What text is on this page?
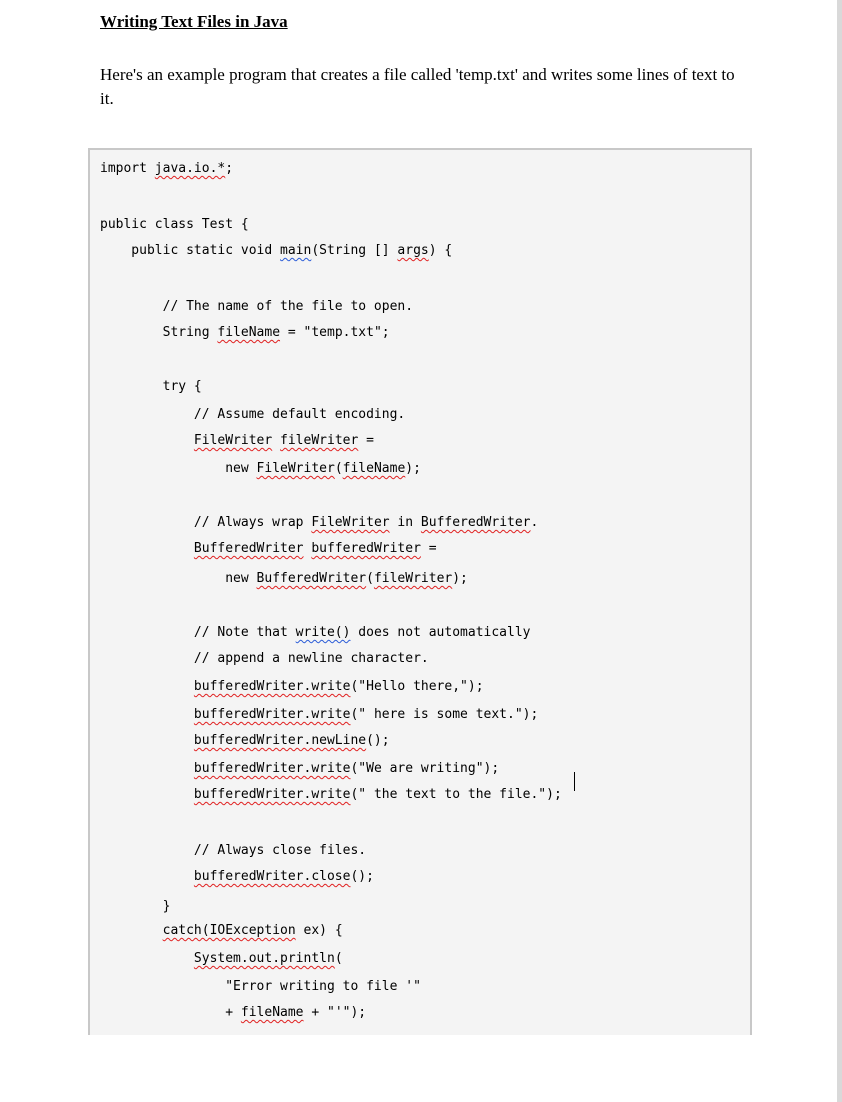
Writing Text Files in Java

Here's an example program that creates a file called 'temp.txt' and writes some lines of text to it.

import java.io.*;
public class Test {
public static void main(String [] args) {
// The name of the file to open.
String fileName = "temp.txt";
try {
// Assume default encoding.
FileWriter fileWriter =
new FileWriter(fileName);
// Always wrap FileWriter in BufferedWriter.
BufferedWriter bufferedWriter =
new BufferedWriter(fileWriter);
// Note that write() does not automatically
// append a newline character.
bufferedWriter.write("Hello there,");
bufferedWriter.write(" here is some text.");
bufferedWriter.newLine();
bufferedWriter.write("We are writing");
bufferedWriter.write(" the text to the file.");
// Always close files.
bufferedWriter.close();
}
catch(IOException ex) {
System.out.println(
"Error writing to file '"
+ fileName + "'");
